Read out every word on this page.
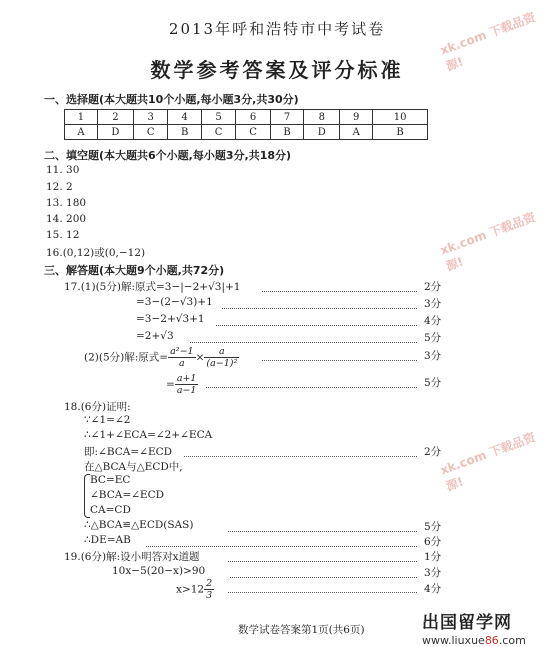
2013年呼和浩特市中考试卷
数学参考答案及评分标准
xk.com 下载品资源!
xk.com 下载品资源!
xk.com 下载品资源!
一、选择题(本大题共10个小题,每小题3分,共30分)
1	2	3	4	5	6	7	8	9	10
A	D	C	B	C	C	B	D	A	B
二、填空题(本大题共6个小题,每小题3分,共18分)
11. 30
12. 2
13. 180
14. 200
15. 12
16.(0,12)或(0,−12)
三、解答题(本大题9个小题,共72分)
17.(1)(5分)解:原式=3−|−2+√3|+1	2分
=3−(2−√3)+1	3分
=3−2+√3+1	4分
=2+√3	5分
(2)(5分)解:原式= $\frac{\text{a²−1}}{a} \times \frac{a}{\text{(a−1)²}}$	3分
= $\frac{a+1}{a-1}$	5分
18.(6分)证明:
∵∠1=∠2
∴∠1+∠ECA=∠2+∠ECA
即:∠BCA=∠ECD	2分
在△BCA与△ECD中,
BC=EC
∠BCA=∠ECD
CA=CD
∴△BCA≌△ECD(SAS)	5分
∴DE=AB	6分
19.(6分)解:设小明答对x道题	1分
10x−5(20−x)>90	3分
$x>12 \frac{2}{3}$	4分
数学试卷答案第1页(共6页)	出国留学网
www.liuxue86.com
